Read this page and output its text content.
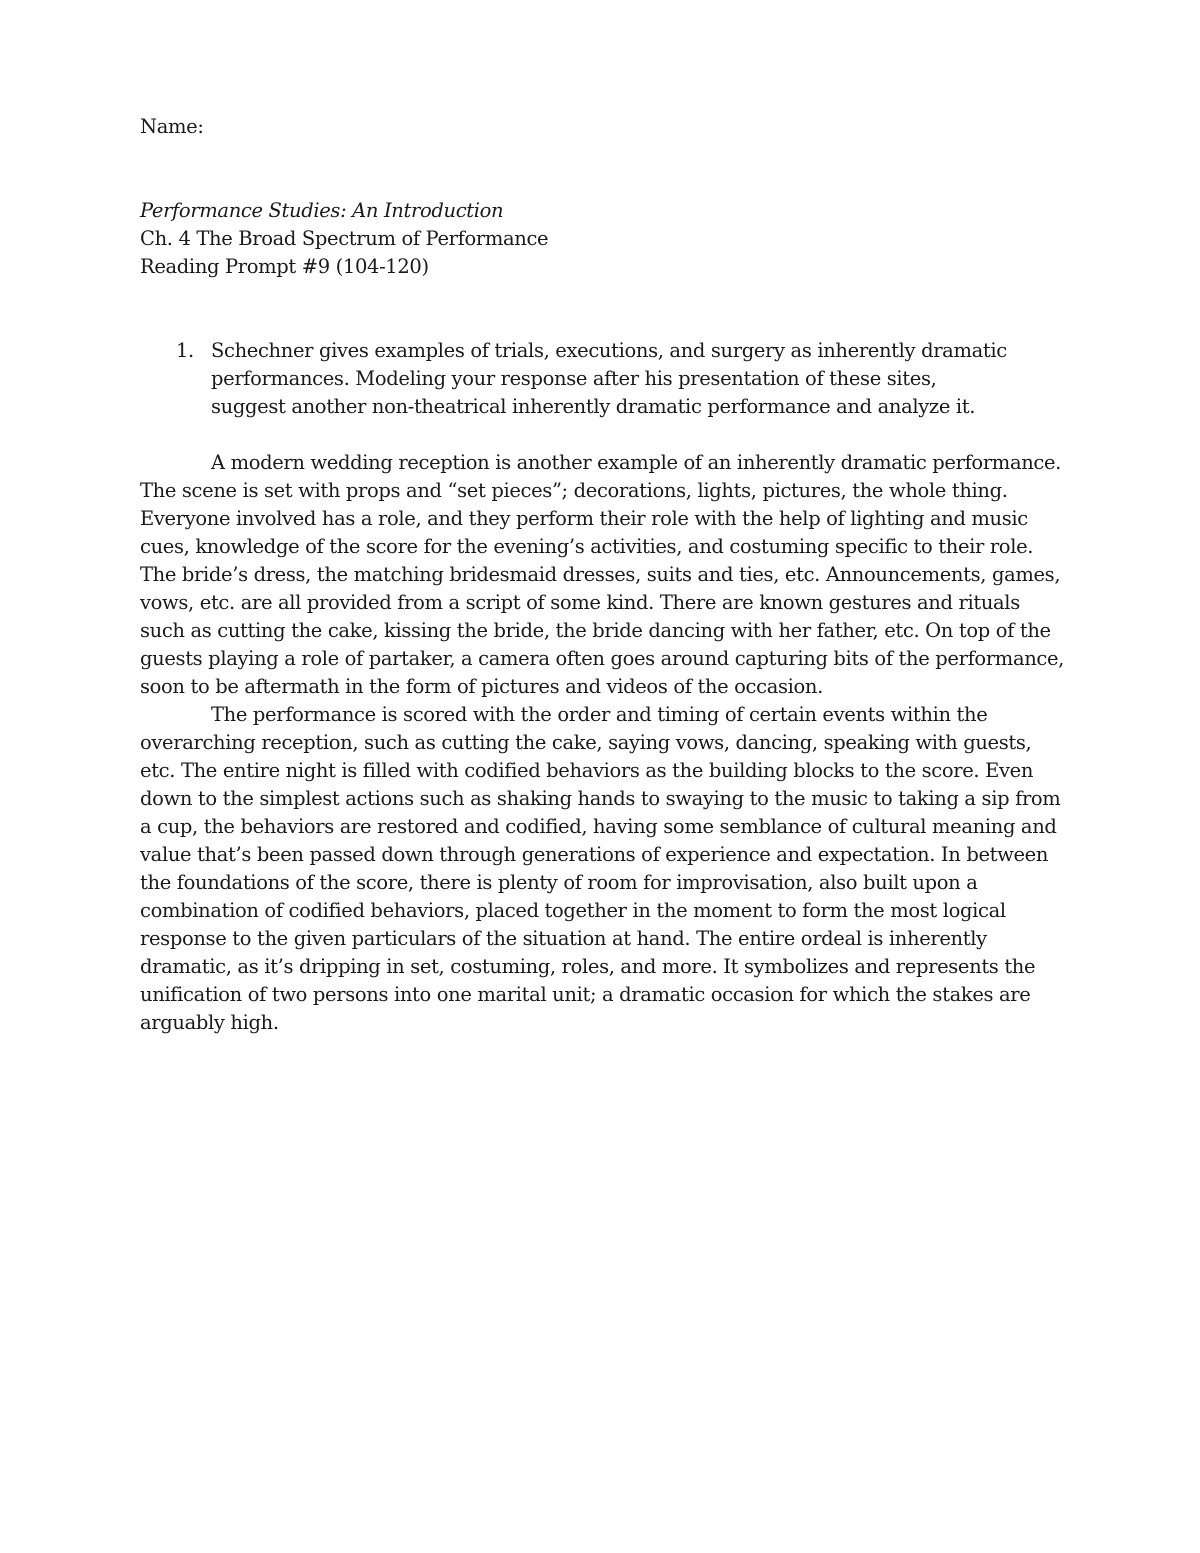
Name:

Performance Studies: An Introduction

Ch. 4 The Broad Spectrum of Performance

Reading Prompt #9 (104-120)

1. Schechner gives examples of trials, executions, and surgery as inherently dramatic performances. Modeling your response after his presentation of these sites, suggest another non-theatrical inherently dramatic performance and analyze it.

A modern wedding reception is another example of an inherently dramatic performance. The scene is set with props and “set pieces”; decorations, lights, pictures, the whole thing. Everyone involved has a role, and they perform their role with the help of lighting and music cues, knowledge of the score for the evening’s activities, and costuming specific to their role. The bride’s dress, the matching bridesmaid dresses, suits and ties, etc. Announcements, games, vows, etc. are all provided from a script of some kind. There are known gestures and rituals such as cutting the cake, kissing the bride, the bride dancing with her father, etc. On top of the guests playing a role of partaker, a camera often goes around capturing bits of the performance, soon to be aftermath in the form of pictures and videos of the occasion.

The performance is scored with the order and timing of certain events within the overarching reception, such as cutting the cake, saying vows, dancing, speaking with guests, etc. The entire night is filled with codified behaviors as the building blocks to the score. Even down to the simplest actions such as shaking hands to swaying to the music to taking a sip from a cup, the behaviors are restored and codified, having some semblance of cultural meaning and value that’s been passed down through generations of experience and expectation. In between the foundations of the score, there is plenty of room for improvisation, also built upon a combination of codified behaviors, placed together in the moment to form the most logical response to the given particulars of the situation at hand. The entire ordeal is inherently dramatic, as it’s dripping in set, costuming, roles, and more. It symbolizes and represents the unification of two persons into one marital unit; a dramatic occasion for which the stakes are arguably high.
